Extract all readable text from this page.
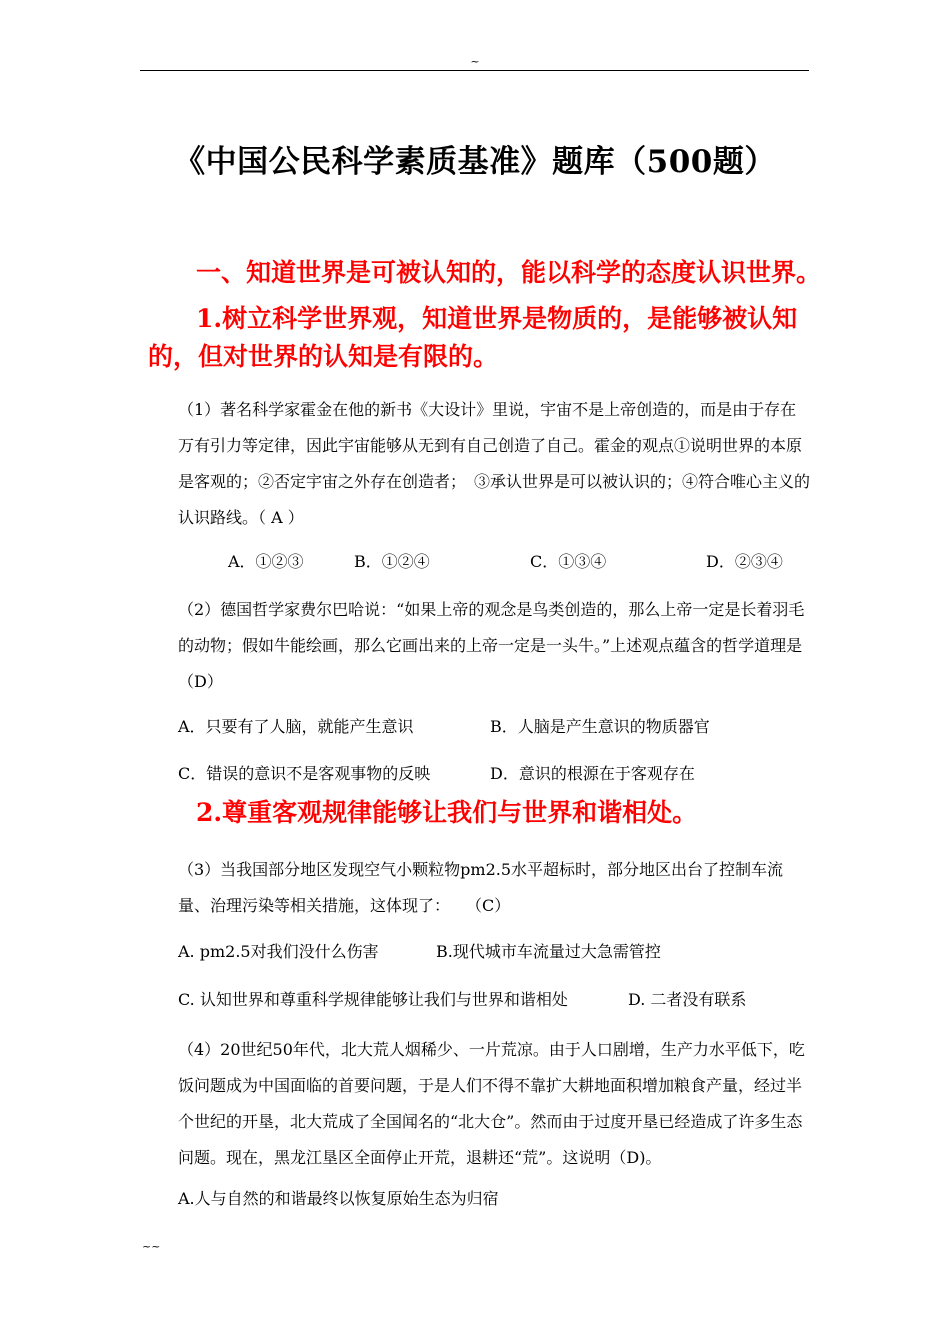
~
《中国公民科学素质基准》题库（500题）
一、知道世界是可被认知的，能以科学的态度认识世界。
1.树立科学世界观，知道世界是物质的，是能够被认知的，但对世界的认知是有限的。
（1）著名科学家霍金在他的新书《大设计》里说，宇宙不是上帝创造的，而是由于存在万有引力等定律，因此宇宙能够从无到有自己创造了自己。霍金的观点①说明世界的本原是客观的；②否定宇宙之外存在创造者；　③承认世界是可以被认识的；④符合唯心主义的认识路线。（ A ）
A．①②③	B．①②④	C．①③④	D．②③④
（2）德国哲学家费尔巴哈说：“如果上帝的观念是鸟类创造的，那么上帝一定是长着羽毛的动物；假如牛能绘画，那么它画出来的上帝一定是一头牛。”上述观点蕴含的哲学道理是（D）
A．只要有了人脑，就能产生意识	B．人脑是产生意识的物质器官
C．错误的意识不是客观事物的反映	D．意识的根源在于客观存在
2.尊重客观规律能够让我们与世界和谐相处。
（3）当我国部分地区发现空气小颗粒物pm2.5水平超标时，部分地区出台了控制车流量、治理污染等相关措施，这体现了：　　（C）
A. pm2.5对我们没什么伤害	B.现代城市车流量过大急需管控
C. 认知世界和尊重科学规律能够让我们与世界和谐相处	D. 二者没有联系
（4）20世纪50年代，北大荒人烟稀少、一片荒凉。由于人口剧增，生产力水平低下，吃饭问题成为中国面临的首要问题，于是人们不得不靠扩大耕地面积增加粮食产量，经过半个世纪的开垦，北大荒成了全国闻名的“北大仓”。然而由于过度开垦已经造成了许多生态问题。现在，黑龙江垦区全面停止开荒，退耕还“荒”。这说明（D)。
A.人与自然的和谐最终以恢复原始生态为归宿
~~
